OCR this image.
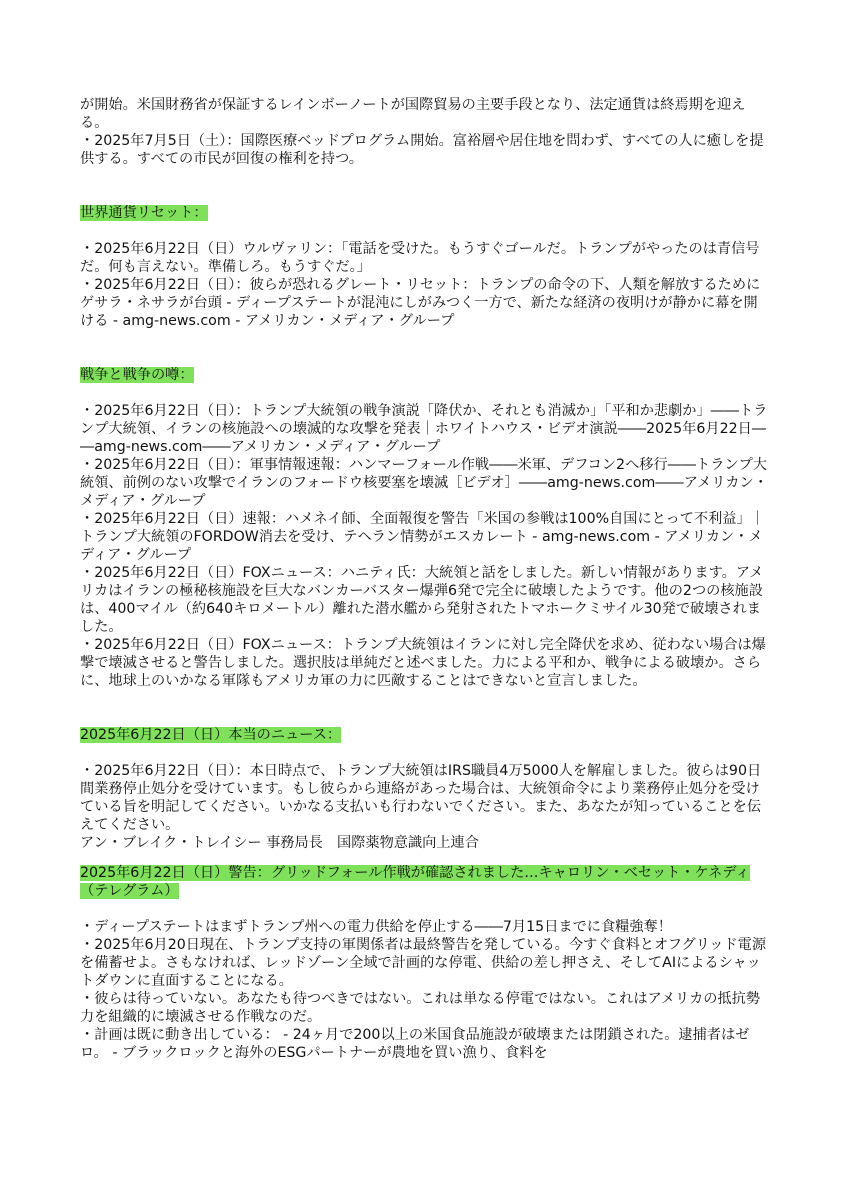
が開始。米国財務省が保証するレインボーノートが国際貿易の主要手段となり、法定通貨は終焉期を迎える。

・2025年7月5日（土）：国際医療ベッドプログラム開始。富裕層や居住地を問わず、すべての人に癒しを提供する。すべての市民が回復の権利を持つ。

世界通貨リセット：

・2025年6月22日（日）ウルヴァリン：「電話を受けた。もうすぐゴールだ。トランプがやったのは青信号だ。何も言えない。準備しろ。もうすぐだ。」

・2025年6月22日（日）：彼らが恐れるグレート・リセット：トランプの命令の下、人類を解放するためにゲサラ・ネサラが台頭 - ディープステートが混沌にしがみつく一方で、新たな経済の夜明けが静かに幕を開ける - amg-news.com - アメリカン・メディア・グループ

戦争と戦争の噂：

・2025年6月22日（日）：トランプ大統領の戦争演説「降伏か、それとも消滅か」「平和か悲劇か」――トランプ大統領、イランの核施設への壊滅的な攻撃を発表｜ホワイトハウス・ビデオ演説――2025年6月22日――amg-news.com――アメリカン・メディア・グループ

・2025年6月22日（日）：軍事情報速報：ハンマーフォール作戦――米軍、デフコン2へ移行――トランプ大統領、前例のない攻撃でイランのフォードウ核要塞を壊滅［ビデオ］――amg-news.com――アメリカン・メディア・グループ

・2025年6月22日（日）速報：ハメネイ師、全面報復を警告「米国の参戦は100%自国にとって不利益」｜トランプ大統領のFORDOW消去を受け、テヘラン情勢がエスカレート - amg-news.com - アメリカン・メディア・グループ

・2025年6月22日（日）FOXニュース：ハニティ氏：大統領と話をしました。新しい情報があります。アメリカはイランの極秘核施設を巨大なバンカーバスター爆弾6発で完全に破壊したようです。他の2つの核施設は、400マイル（約640キロメートル）離れた潜水艦から発射されたトマホークミサイル30発で破壊されました。

・2025年6月22日（日）FOXニュース：トランプ大統領はイランに対し完全降伏を求め、従わない場合は爆撃で壊滅させると警告しました。選択肢は単純だと述べました。力による平和か、戦争による破壊か。さらに、地球上のいかなる軍隊もアメリカ軍の力に匹敵することはできないと宣言しました。

2025年6月22日（日）本当のニュース：

・2025年6月22日（日）：本日時点で、トランプ大統領はIRS職員4万5000人を解雇しました。彼らは90日間業務停止処分を受けています。もし彼らから連絡があった場合は、大統領命令により業務停止処分を受けている旨を明記してください。いかなる支払いも行わないでください。また、あなたが知っていることを伝えてください。

アン・ブレイク・トレイシー 事務局長　国際薬物意識向上連合

2025年6月22日（日）警告：グリッドフォール作戦が確認されました…キャロリン・ベセット・ケネディ（テレグラム）

・ディープステートはまずトランプ州への電力供給を停止する――7月15日までに食糧強奪！

・2025年6月20日現在、トランプ支持の軍関係者は最終警告を発している。今すぐ食料とオフグリッド電源を備蓄せよ。さもなければ、レッドゾーン全域で計画的な停電、供給の差し押さえ、そしてAIによるシャットダウンに直面することになる。

・彼らは待っていない。あなたも待つべきではない。これは単なる停電ではない。これはアメリカの抵抗勢力を組織的に壊滅させる作戦なのだ。

・計画は既に動き出している： - 24ヶ月で200以上の米国食品施設が破壊または閉鎖された。逮捕者はゼロ。 - ブラックロックと海外のESGパートナーが農地を買い漁り、食料を
